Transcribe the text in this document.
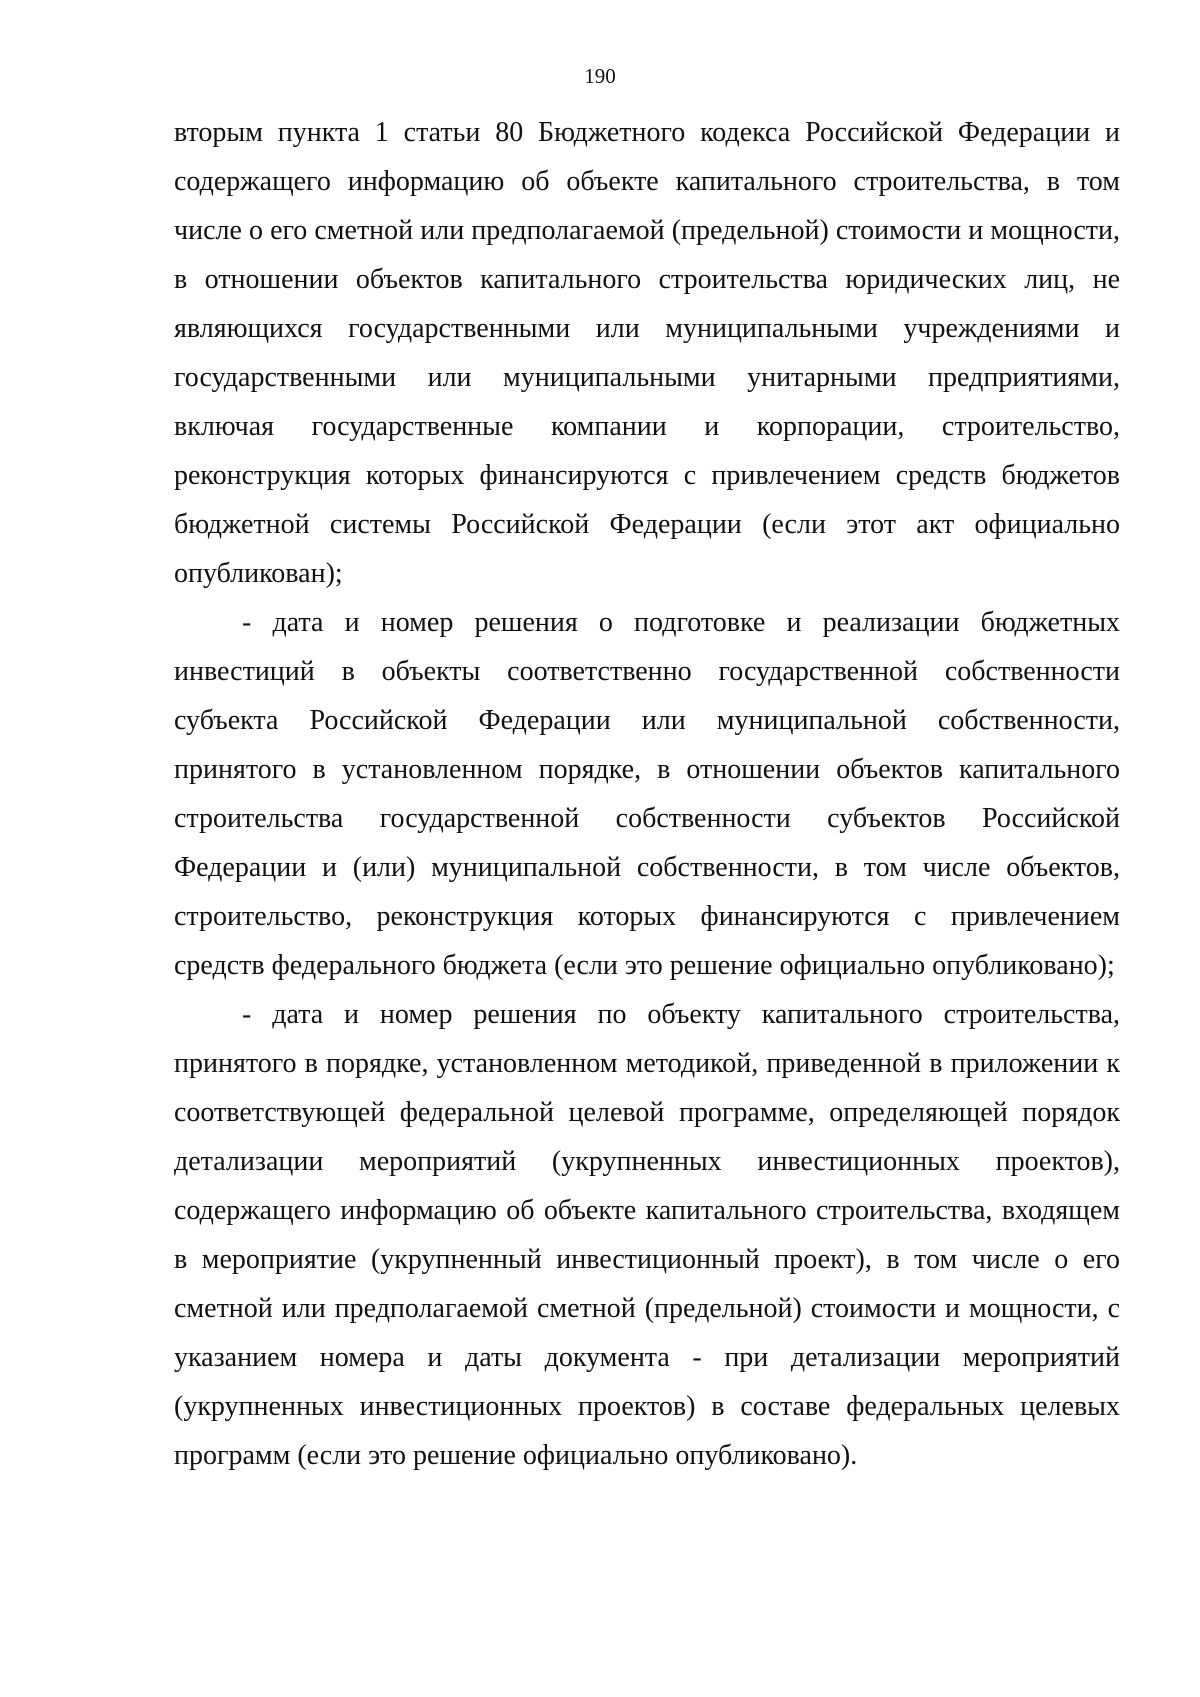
190

вторым пункта 1 статьи 80 Бюджетного кодекса Российской Федерации и содержащего информацию об объекте капитального строительства, в том числе о его сметной или предполагаемой (предельной) стоимости и мощности, в отношении объектов капитального строительства юридических лиц, не являющихся государственными или муниципальными учреждениями и государственными или муниципальными унитарными предприятиями, включая государственные компании и корпорации, строительство, реконструкция которых финансируются с привлечением средств бюджетов бюджетной системы Российской Федерации (если этот акт официально опубликован);

- дата и номер решения о подготовке и реализации бюджетных инвестиций в объекты соответственно государственной собственности субъекта Российской Федерации или муниципальной собственности, принятого в установленном порядке, в отношении объектов капитального строительства государственной собственности субъектов Российской Федерации и (или) муниципальной собственности, в том числе объектов, строительство, реконструкция которых финансируются с привлечением средств федерального бюджета (если это решение официально опубликовано);

- дата и номер решения по объекту капитального строительства, принятого в порядке, установленном методикой, приведенной в приложении к соответствующей федеральной целевой программе, определяющей порядок детализации мероприятий (укрупненных инвестиционных проектов), содержащего информацию об объекте капитального строительства, входящем в мероприятие (укрупненный инвестиционный проект), в том числе о его сметной или предполагаемой сметной (предельной) стоимости и мощности, с указанием номера и даты документа - при детализации мероприятий (укрупненных инвестиционных проектов) в составе федеральных целевых программ (если это решение официально опубликовано).
